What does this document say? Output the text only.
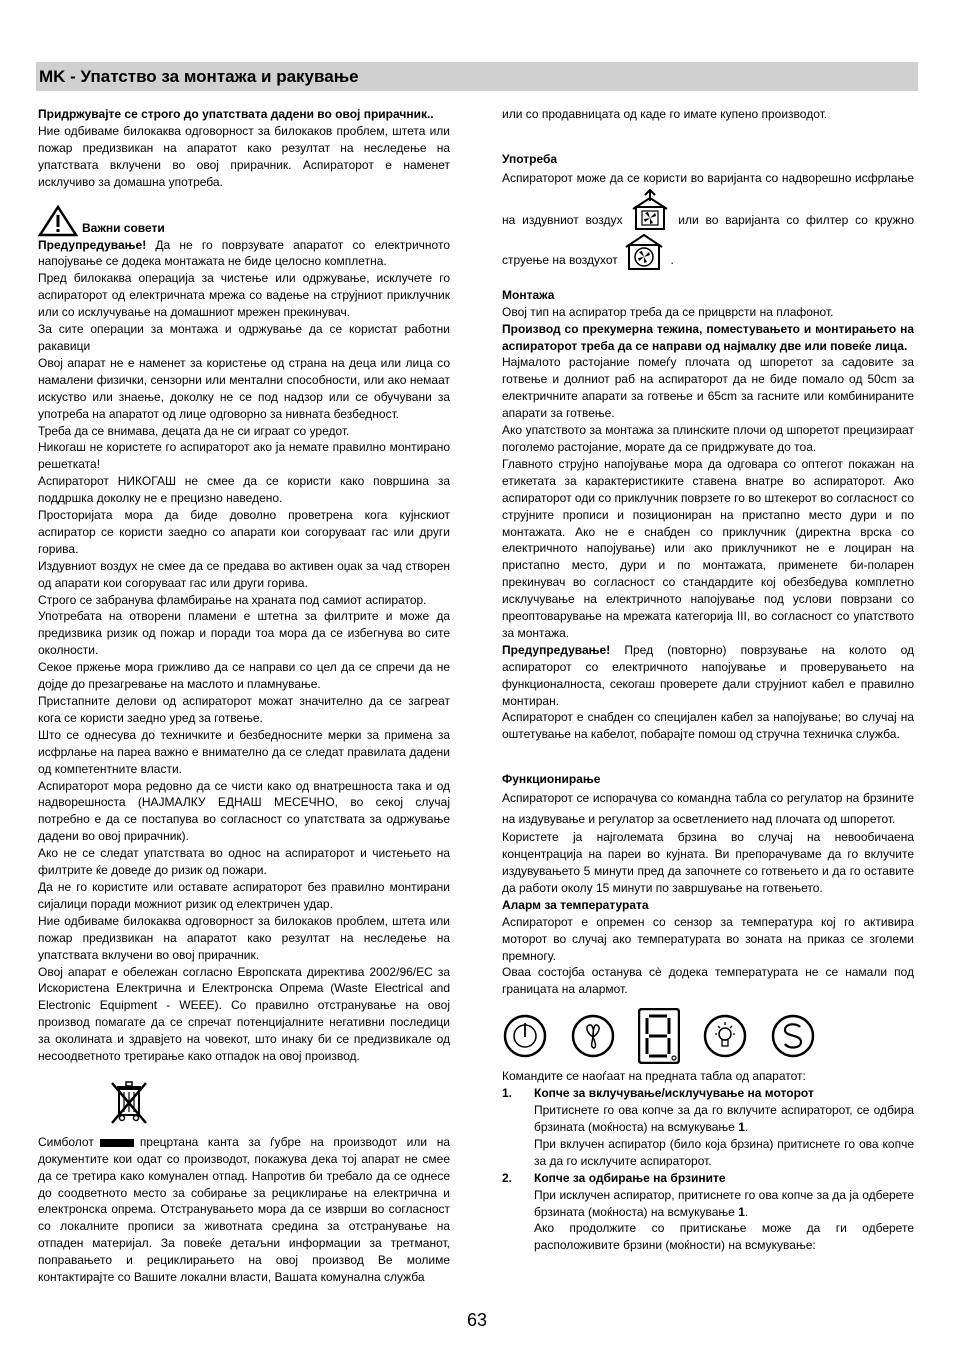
MK - Упатство за монтажа и ракување

Придржувајте се строго до упатствата дадени во овој прирачник..

Ние одбиваме билокаква одговорност за билокаков проблем, штета или пожар предизвикан на апаратот како резултат на неследење на упатствата вклучени во овој прирачник. Аспираторот е наменет исклучиво за домашна употреба.

Важни совети

Предупредување! Да не го поврзувате апаратот со електричното напојување се додека монтажата не биде целосно комплетна.

Пред билокаква операција за чистење или одржување, исклучете го аспираторот од електричната мрежа со вадење на струјниот приклучник или со исклучување на домашниот мрежен прекинувач.

За сите операции за монтажа и одржување да се користат работни ракавици

Овој апарат не е наменет за користење од страна на деца или лица со намалени физички, сензорни или ментални способности, или ако немаат искуство или знаење, доколку не се под надзор или се обучувани за употреба на апаратот од лице одговорно за нивната безбедност.

Треба да се внимава, децата да не си играат со уредот.

Никогаш не користете го аспираторот ако ја немате правилно монтирано решетката!

Аспираторот НИКОГАШ не смее да се користи како површина за поддршка доколку не е прецизно наведено.

Просторијата мора да биде доволно проветрена кога кујнскиот аспиратор се користи заедно со апарати кои согоруваат гас или други горива.

Издувниот воздух не смее да се предава во активен оџак за чад створен од апарати кои согоруваат гас или други горива.

Строго се забранува фламбирање на храната под самиот аспиратор.

Употребата на отворени пламени е штетна за филтрите и може да предизвика ризик од пожар и поради тоа мора да се избегнува во сите околности.

Секое пржење мора грижливо да се направи со цел да се спречи да не дојде до презагревање на маслото и пламнување.

Пристапните делови од аспираторот можат значително да се загреат кога се користи заедно уред за готвење.

Што се однесува до техничките и безбедносните мерки за примена за исфрлање на пареа важно е внимателно да се следат правилата дадени од компетентните власти.

Аспираторот мора редовно да се чисти како од внатрешноста така и од надворешноста (НАЈМАЛКУ ЕДНАШ МЕСЕЧНО, во секој случај потребно е да се постапува во согласност со упатствата за одржување дадени во овој прирачник).

Ако не се следат упатствата во однос на аспираторот и чистењето на филтрите ќе доведе до ризик од пожари.

Да не го користите или оставате аспираторот без правилно монтирани сијалици поради можниот ризик од електричен удар.

Ние одбиваме билокаква одговорност за билокаков проблем, штета или пожар предизвикан на апаратот како резултат на неследење на упатствата вклучени во овој прирачник.

Овој апарат е обележан согласно Европската директива 2002/96/EC за Искористена Електрична и Електронска Опрема (Waste Electrical and Electronic Equipment - WEEE). Со правилно отстранување на овој производ помагате да се спречат потенцијалните негативни последици за околината и здравјето на човекот, што инаку би се предизвикале од несоодветното третирање како отпадок на овој производ.

Симболот	прецртана канта за ѓубре на производот или на документите кои одат со производот, покажува дека тој апарат не смее да се третира како комунален отпад. Напротив би требало да се однесе до соодветното место за собирање за рециклирање на електрична и електронска опрема. Отстранувањето мора да се изврши во согласност со локалните прописи за животната средина за отстранување на отпаден материјал. За повеќе детаљни информации за третманот, поправањето и рециклирањето на овој производ Ве молиме контактирајте со Вашите локални власти, Вашата комунална служба

или со продавницата од каде го имате купено производот.

Употреба

Аспираторот може да се користи во варијанта со надворешно исфрлање на издувниот воздух	или во варијанта со филтер со кружно струење на воздухот	.

Монтажа

Овој тип на аспиратор треба да се прицврсти на плафонот.

Производ со прекумерна тежина, поместувањето и монтирањето на аспираторот треба да се направи од најмалку две или повеќе лица.

Најмалото растојание помеѓу плочата од шпоретот за садовите за готвење и долниот раб на аспираторот да не биде помало од 50cm за електричните апарати за готвење и 65cm за гасните или комбинираните апарати за готвење.

Ако упатството за монтажа за плинските плочи од шпоретот прецизираат поголемо растојание, морате да се придржувате до тоа.

Главното струјно напојување мора да одговара со оптегот покажан на етикетата за карактеристиките ставена внатре во аспираторот. Ако аспираторот оди со приклучник поврзете го во штекерот во согласност со струјните прописи и позициониран на пристапно место дури и по монтажата. Ако не е снабден со приклучник (директна врска со електричното напојување) или ако приклучникот не е лоциран на пристапно место, дури и по монтажата, применете би-поларен прекинувач во согласност со стандардите кој обезбедува комплетно исклучување на електричното напојување под услови поврзани со преоптоварување на мрежата категорија III, во согласност со упатството за монтажа.

Предупредување! Пред (повторно) поврзување на колото од аспираторот со електричното напојување и проверувањето на функционалноста, секогаш проверете дали струјниот кабел е правилно монтиран.

Аспираторот е снабден со специјален кабел за напојување; во случај на оштетување на кабелот, побарајте помош од стручна техничка служба.

Функционирање

Аспираторот се испорачува со командна табла со регулатор на брзините на издувување и регулатор за осветлението над плочата од шпоретот.

Користете ја најголемата брзина во случај на невообичаена концентрација на пареи во кујната. Ви препорачуваме да го вклучите издувувањето 5 минути пред да започнете со готвењето и да го оставите да работи околу 15 минути по завршување на готвењето.

Аларм за температурата

Аспираторот е опремен со сензор за температура кој го активира моторот во случај ако температурата во зоната на приказ се зголеми премногу.

Оваа состојба останува сè додека температурата не се намали под границата на алармот.

Командите се наоѓаат на предната табла од апаратот:

1.	Копче за вклучување/исклучување на моторот

Притиснете го ова копче за да го вклучите аспираторот, се одбира брзината (моќноста) на всмукување 1.

При вклучен аспиратор (било која брзина) притиснете го ова копче за да го исклучите аспираторот.

2.	Копче за одбирање на брзините

При исклучен аспиратор, притиснете го ова копче за да ја одберете брзината (моќноста) на всмукување 1.

Ако продолжите со притискање може да ги одберете расположивите брзини (моќности) на всмукување:

63
